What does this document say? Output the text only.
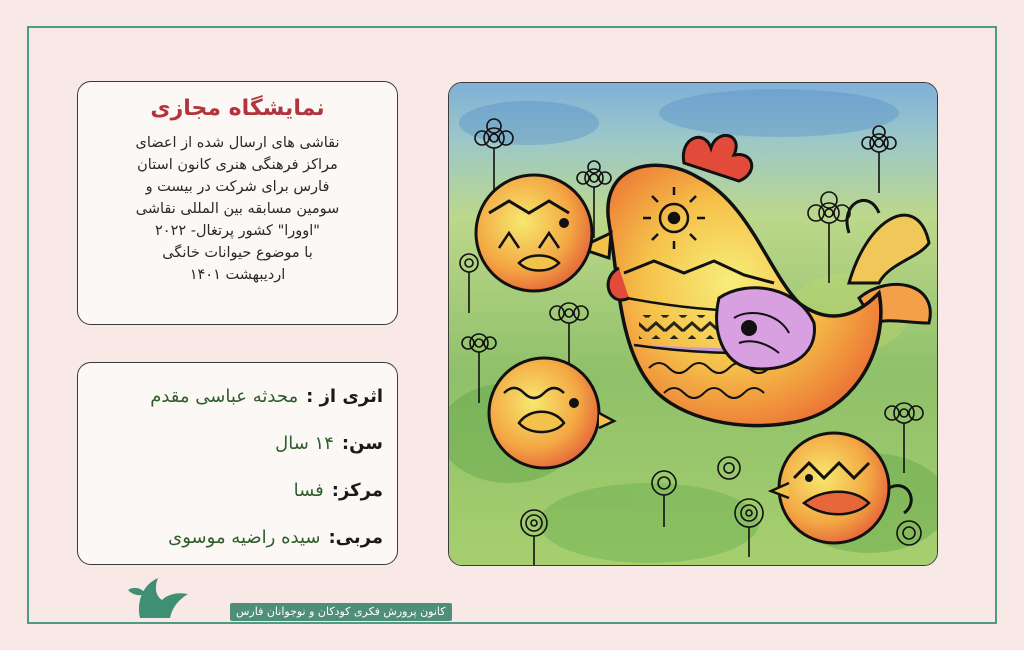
نمایشگاه مجازی
نقاشی های ارسال شده از اعضای
مراکز فرهنگی هنری کانون استان
فارس برای شرکت در بیست و
سومین مسابقه بین المللی نقاشی
"اوورا" کشور پرتغال- ۲۰۲۲
با موضوع حیوانات خانگی
اردیبهشت ۱۴۰۱
اثری از :
محدثه عباسی مقدم
سن:
۱۴ سال
مرکز:
فسا
مربی:
سیده راضیه موسوی
کانون پرورش فکری کودکان و نوجوانان فارس
